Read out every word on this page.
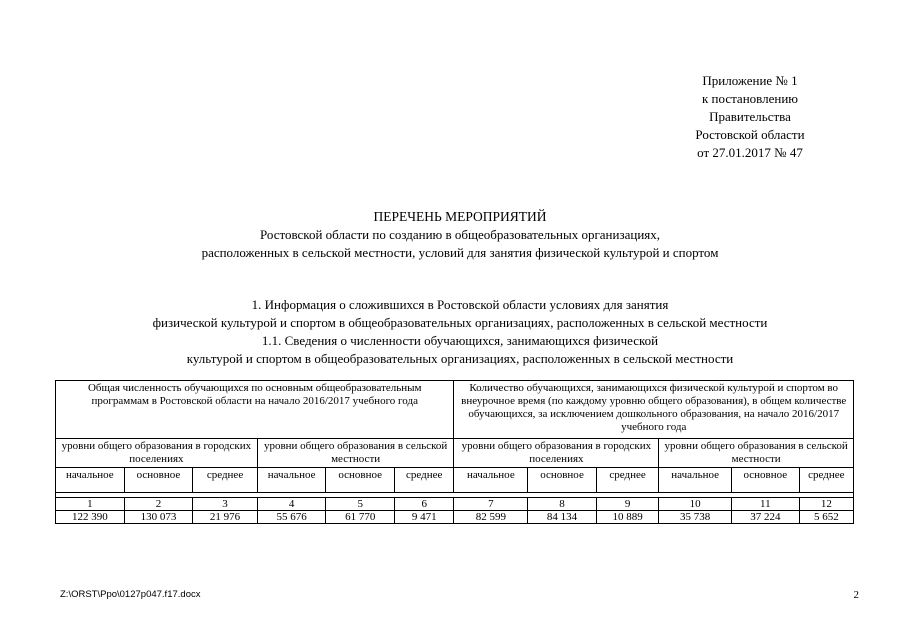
Приложение № 1
к постановлению
Правительства
Ростовской области
от 27.01.2017 № 47
ПЕРЕЧЕНЬ МЕРОПРИЯТИЙ
Ростовской области по созданию в общеобразовательных организациях,
расположенных в сельской местности, условий для занятия физической культурой и спортом
1. Информация о сложившихся в Ростовской области условиях для занятия
физической культурой и спортом в общеобразовательных организациях, расположенных в сельской местности
1.1. Сведения о численности обучающихся, занимающихся физической
культурой и спортом в общеобразовательных организациях, расположенных в сельской местности
Общая численность обучающихся по основным общеобразовательным программам в Ростовской области на начало 2016/2017 учебного года						Количество обучающихся, занимающихся физической культурой и спортом во внеурочное время (по каждому уровню общего образования), в общем количестве обучающихся, за исключением дошкольного образования, на начало 2016/2017 учебного года					
уровни общего образования в городских поселениях			уровни общего образования в сельской местности			уровни общего образования в городских поселениях			уровни общего образования в сельской местности		
начальное	основное	среднее	начальное	основное	среднее	начальное	основное	среднее	начальное	основное	среднее

1	2	3	4	5	6	7	8	9	10	11	12
122 390	130 073	21 976	55 676	61 770	9 471	82 599	84 134	10 889	35 738	37 224	5 652
Z:\ORST\Ppo\0127p047.f17.docx	2
